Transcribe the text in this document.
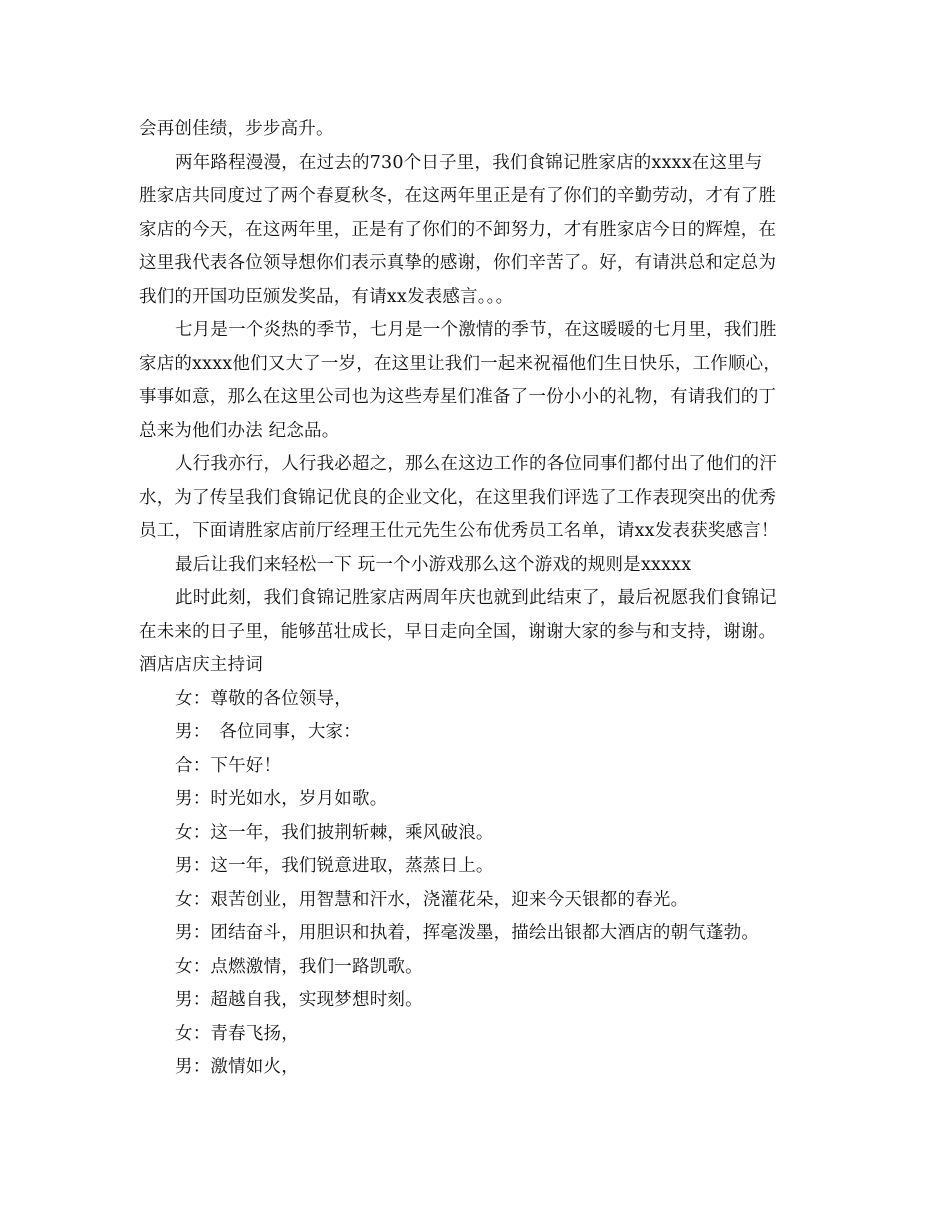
会再创佳绩，步步高升。
两年路程漫漫，在过去的730个日子里，我们食锦记胜家店的xxxx在这里与
胜家店共同度过了两个春夏秋冬，在这两年里正是有了你们的辛勤劳动，才有了胜
家店的今天，在这两年里，正是有了你们的不卸努力，才有胜家店今日的辉煌，在
这里我代表各位领导想你们表示真挚的感谢，你们辛苦了。好，有请洪总和定总为
我们的开国功臣颁发奖品，有请xx发表感言。。。
七月是一个炎热的季节，七月是一个激情的季节，在这暖暖的七月里，我们胜
家店的xxxx他们又大了一岁，在这里让我们一起来祝福他们生日快乐，工作顺心，
事事如意，那么在这里公司也为这些寿星们准备了一份小小的礼物，有请我们的丁
总来为他们办法 纪念品。
人行我亦行，人行我必超之，那么在这边工作的各位同事们都付出了他们的汗
水，为了传呈我们食锦记优良的企业文化，在这里我们评选了工作表现突出的优秀
员工，下面请胜家店前厅经理王仕元先生公布优秀员工名单，请xx发表获奖感言！
最后让我们来轻松一下 玩一个小游戏那么这个游戏的规则是xxxxx
此时此刻，我们食锦记胜家店两周年庆也就到此结束了，最后祝愿我们食锦记
在未来的日子里，能够茁壮成长，早日走向全国，谢谢大家的参与和支持，谢谢。
酒店店庆主持词
女：尊敬的各位领导，
男：　各位同事，大家：
合：下午好！
男：时光如水，岁月如歌。
女：这一年，我们披荆斩棘，乘风破浪。
男：这一年，我们锐意进取，蒸蒸日上。
女：艰苦创业，用智慧和汗水，浇灌花朵，迎来今天银都的春光。
男：团结奋斗，用胆识和执着，挥毫泼墨，描绘出银都大酒店的朝气蓬勃。
女：点燃激情，我们一路凯歌。
男：超越自我，实现梦想时刻。
女：青春飞扬，
男：激情如火，
